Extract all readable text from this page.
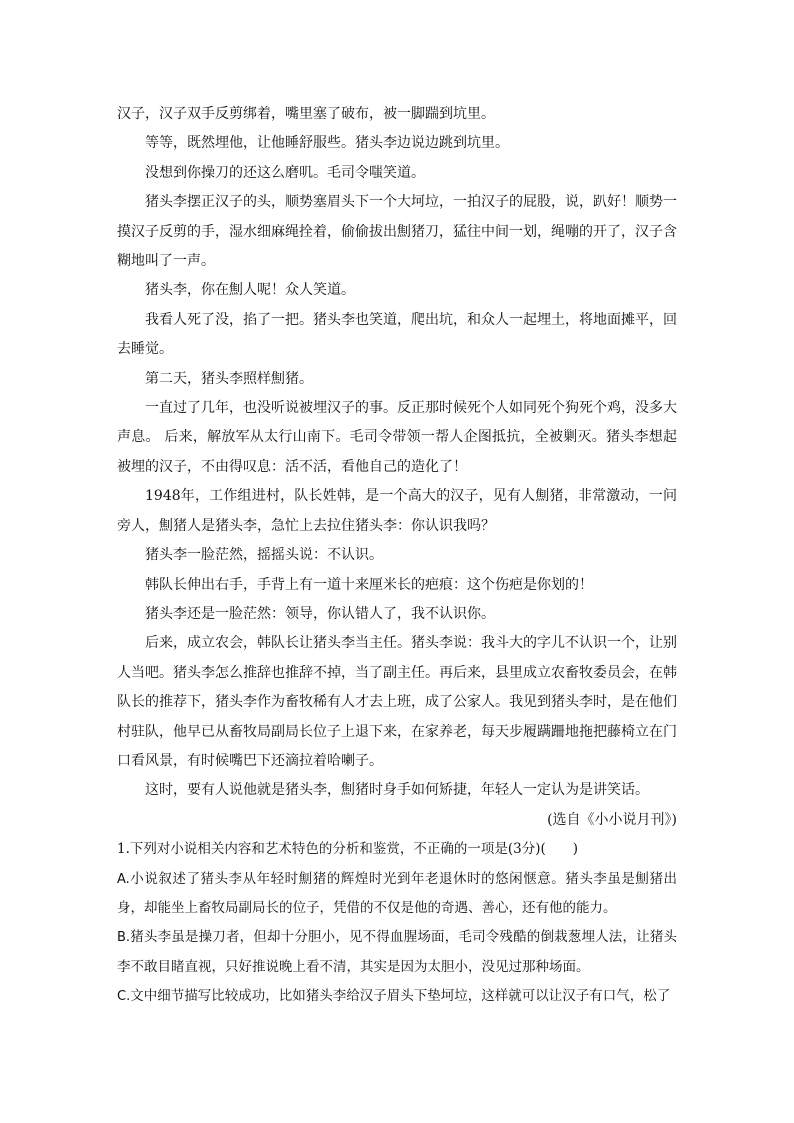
汉子，汉子双手反剪绑着，嘴里塞了破布，被一脚踹到坑里。

等等，既然埋他，让他睡舒服些。猪头李边说边跳到坑里。

没想到你操刀的还这么磨叽。毛司令嗤笑道。

猪头李摆正汉子的头，顺势塞眉头下一个大坷垃，一拍汉子的屁股，说，趴好！顺势一摸汉子反剪的手，湿水细麻绳拴着，偷偷拔出劁猪刀，猛往中间一划，绳嘣的开了，汉子含糊地叫了一声。

猪头李，你在劁人呢！众人笑道。

我看人死了没，掐了一把。猪头李也笑道，爬出坑，和众人一起埋土，将地面摊平，回去睡觉。

第二天，猪头李照样劁猪。

一直过了几年，也没听说被埋汉子的事。反正那时候死个人如同死个狗死个鸡，没多大声息。 后来，解放军从太行山南下。毛司令带领一帮人企图抵抗，全被剿灭。猪头李想起被埋的汉子，不由得叹息：活不活，看他自己的造化了！

1948年，工作组进村，队长姓韩，是一个高大的汉子，见有人劁猪，非常激动，一问旁人，劁猪人是猪头李，急忙上去拉住猪头李：你认识我吗？

猪头李一脸茫然，摇摇头说：不认识。

韩队长伸出右手，手背上有一道十来厘米长的疤痕：这个伤疤是你划的！

猪头李还是一脸茫然：领导，你认错人了，我不认识你。

后来，成立农会，韩队长让猪头李当主任。猪头李说：我斗大的字儿不认识一个，让别人当吧。猪头李怎么推辞也推辞不掉，当了副主任。再后来，县里成立农畜牧委员会，在韩队长的推荐下，猪头李作为畜牧稀有人才去上班，成了公家人。我见到猪头李时，是在他们村驻队，他早已从畜牧局副局长位子上退下来，在家养老，每天步履蹒跚地拖把藤椅立在门口看风景，有时候嘴巴下还滴拉着哈喇子。

这时，要有人说他就是猪头李，劁猪时身手如何矫捷，年轻人一定认为是讲笑话。

(选自《小小说月刊》)

1.下列对小说相关内容和艺术特色的分析和鉴赏，不正确的一项是(3分)(　　)

A.小说叙述了猪头李从年轻时劁猪的辉煌时光到年老退休时的悠闲惬意。猪头李虽是劁猪出身，却能坐上畜牧局副局长的位子，凭借的不仅是他的奇遇、善心，还有他的能力。

B.猪头李虽是操刀者，但却十分胆小，见不得血腥场面，毛司令残酷的倒栽葱埋人法，让猪头李不敢目睹直视，只好推说晚上看不清，其实是因为太胆小，没见过那种场面。

C.文中细节描写比较成功，比如猪头李给汉子眉头下垫坷垃，这样就可以让汉子有口气，松了
